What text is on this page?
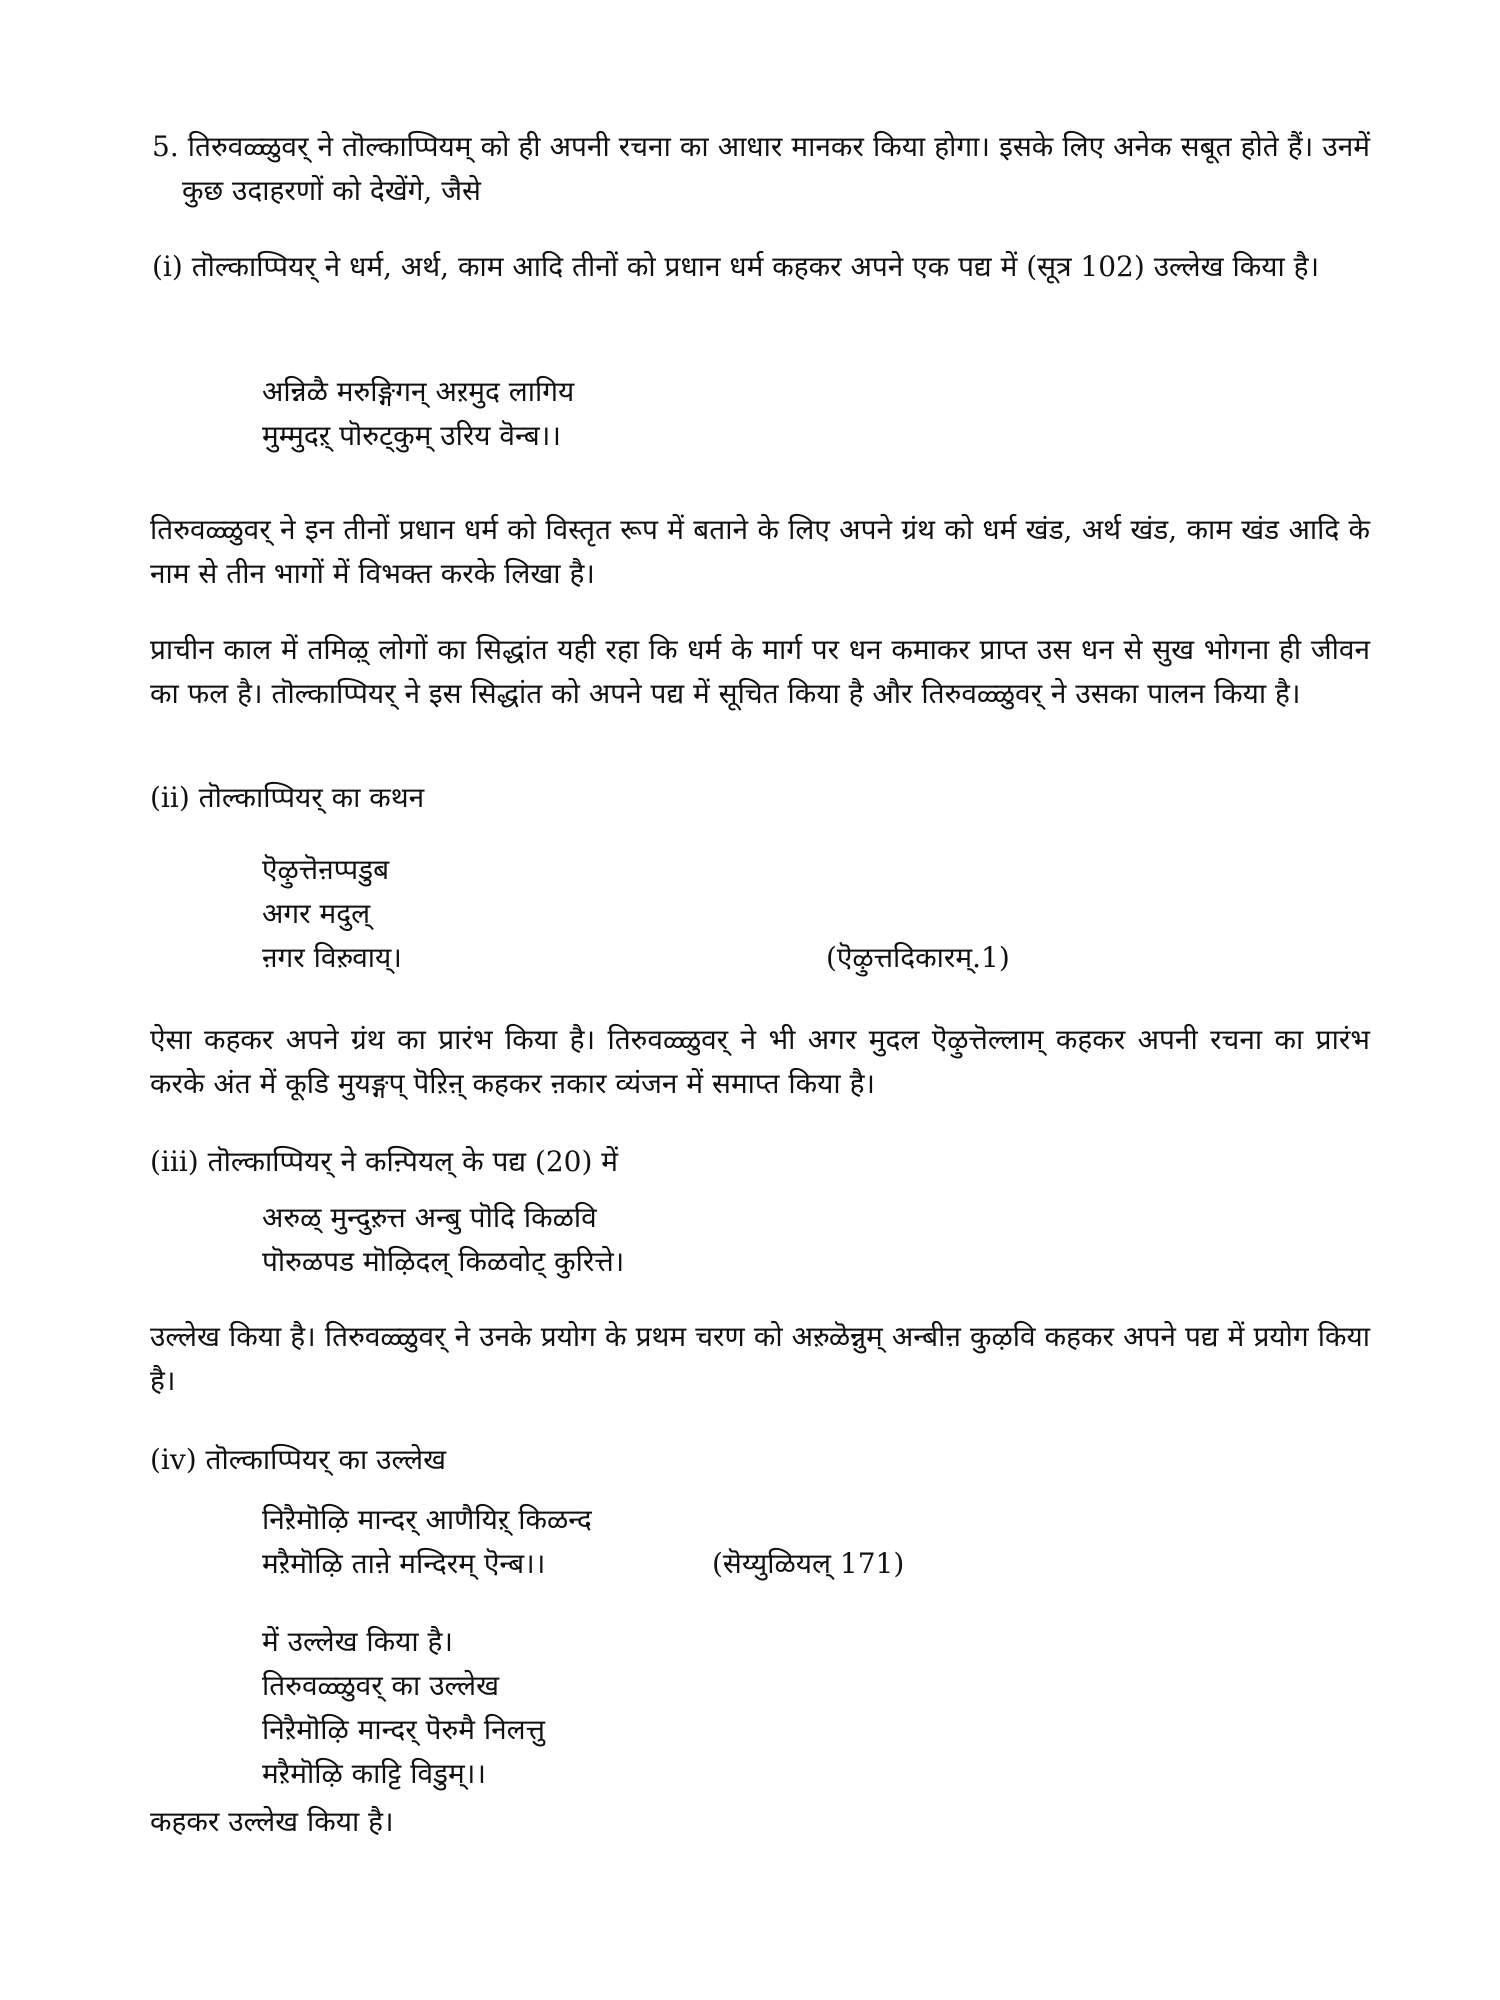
5. तिरुवळ्ळुवर् ने तॊल्काप्पियम् को ही अपनी रचना का आधार मानकर किया होगा। इसके लिए अनेक सबूत होते हैं। उनमें कुछ उदाहरणों को देखेंगे, जैसे
(i) तॊल्काप्पियर् ने धर्म, अर्थ, काम आदि तीनों को प्रधान धर्म कहकर अपने एक पद्य में (सूत्र 102) उल्लेख किया है।
अन्निळै मरुङ्गिगन् अऱमुद लागिय
मुम्मुदऱ् पॊरुट्कुम् उरिय वॆन्ब।।
तिरुवळ्ळुवर् ने इन तीनों प्रधान धर्म को विस्तृत रूप में बताने के लिए अपने ग्रंथ को धर्म खंड, अर्थ खंड, काम खंड आदि के नाम से तीन भागों में विभक्त करके लिखा है।
प्राचीन काल में तमिऴ् लोगों का सिद्धांत यही रहा कि धर्म के मार्ग पर धन कमाकर प्राप्त उस धन से सुख भोगना ही जीवन का फल है। तॊल्काप्पियर् ने इस सिद्धांत को अपने पद्य में सूचित किया है और तिरुवळ्ळुवर् ने उसका पालन किया है।
(ii) तॊल्काप्पियर् का कथन
ऎऴुत्तॆऩप्पडुब
अगर मदुल्
ऩगर विऱुवाय्।	(ऎऴुत्तदिकारम्.1)
ऐसा कहकर अपने ग्रंथ का प्रारंभ किया है। तिरुवळ्ळुवर् ने भी अगर मुदल ऎऴुत्तॆल्लाम् कहकर अपनी रचना का प्रारंभ करके अंत में कूडि मुयङ्गप् पॆऱिऩ् कहकर ऩकार व्यंजन में समाप्त किया है।
(iii) तॊल्काप्पियर् ने कऩ्पियल् के पद्य (20) में
अरुळ् मुन्दुऱुत्त अन्बु पॊदि किळवि
पॊरुळपड मॊऴिदल् किळवोट् कुरित्ते।
उल्लेख किया है। तिरुवळ्ळुवर् ने उनके प्रयोग के प्रथम चरण को अऱुळॆन्नुम् अन्बीऩ कुऴवि कहकर अपने पद्य में प्रयोग किया है।
(iv) तॊल्काप्पियर् का उल्लेख
निऱैमॊऴि मान्दर् आणैयिऱ् किळन्द
मऱैमॊऴि ताऩे मन्दिरम् ऎन्ब।।	(सॆय्युळियल् 171)
में उल्लेख किया है।
तिरुवळ्ळुवर् का उल्लेख
निऱैमॊऴि मान्दर् पॆरुमै निलत्तु
मऱैमॊऴि काट्टि विडुम्।।
कहकर उल्लेख किया है।
